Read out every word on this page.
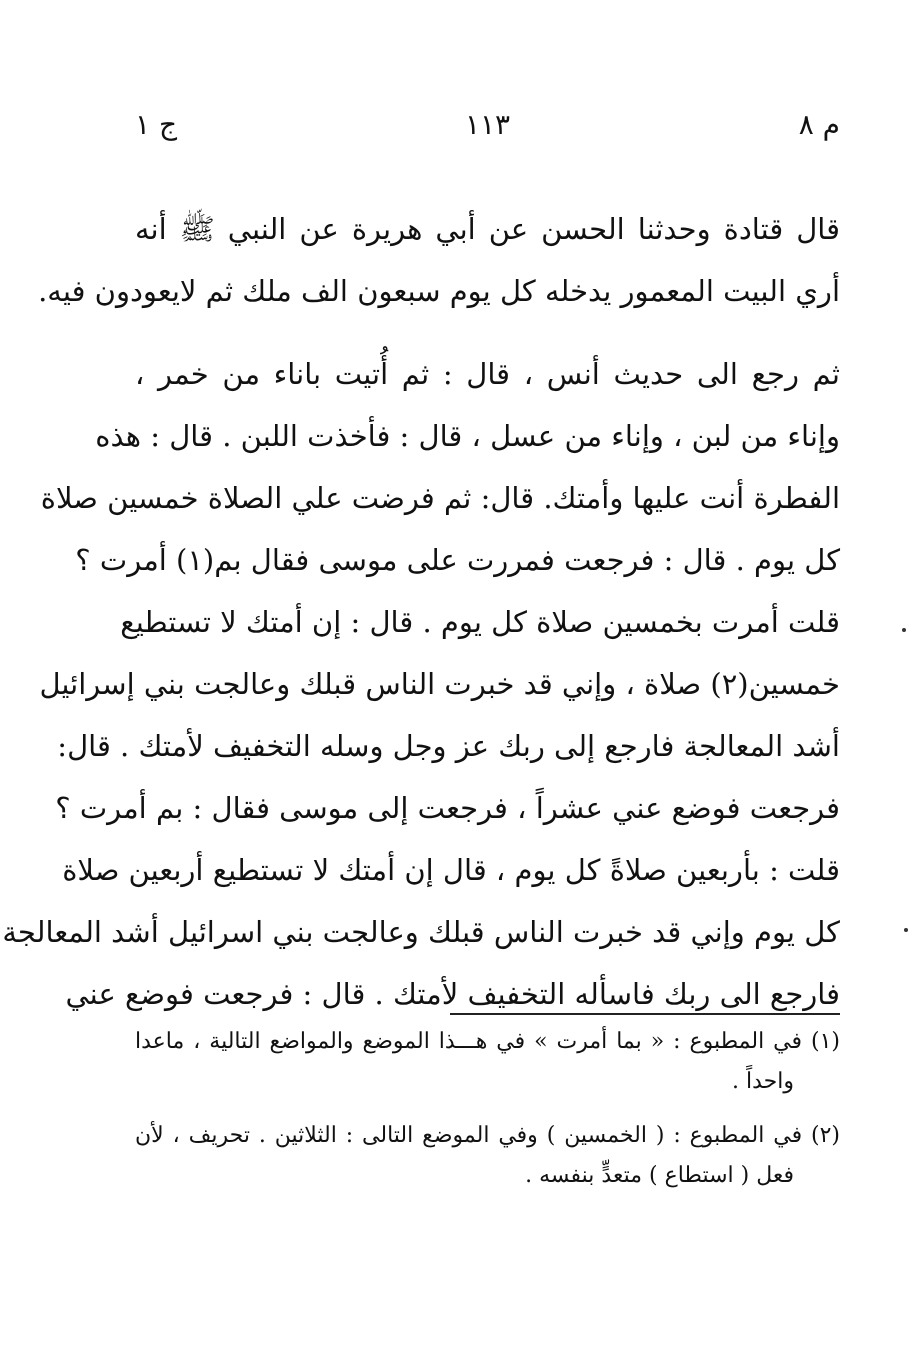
م ٨
١١٣
ج ١
قال قتادة وحدثنا الحسن عن أبي هريرة عن النبي ﷺ أنه
أري البيت المعمور يدخله كل يوم سبعون الف ملك ثم لايعودون فيه.
ثم رجع الى حديث أنس ، قال : ثم أُتيت باناء من خمر ،
وإناء من لبن ، وإناء من عسل ، قال : فأخذت اللبن . قال : هذه
الفطرة أنت عليها وأمتك. قال: ثم فرضت علي الصلاة خمسين صلاة
كل يوم . قال : فرجعت فمررت على موسى فقال بم(١) أمرت ؟
قلت أمرت بخمسين صلاة كل يوم . قال : إن أمتك لا تستطيع
خمسين(٢) صلاة ، وإني قد خبرت الناس قبلك وعالجت بني إسرائيل
أشد المعالجة فارجع إلى ربك عز وجل وسله التخفيف لأمتك . قال:
فرجعت فوضع عني عشراً ، فرجعت إلى موسى فقال : بم أمرت ؟
قلت : بأربعين صلاةً كل يوم ، قال إن أمتك لا تستطيع أربعين صلاة
كل يوم وإني قد خبرت الناس قبلك وعالجت بني اسرائيل أشد المعالجة
فارجع الى ربك فاسأله التخفيف لأمتك . قال : فرجعت فوضع عني
(١) في المطبوع : « بما أمرت » في هـــذا الموضع والمواضع التالية ، ماعدا
واحداً .
(٢) في المطبوع : ( الخمسين ) وفي الموضع التالى : الثلاثين . تحريف ، لأن
فعل ( استطاع ) متعدٍّ بنفسه .
